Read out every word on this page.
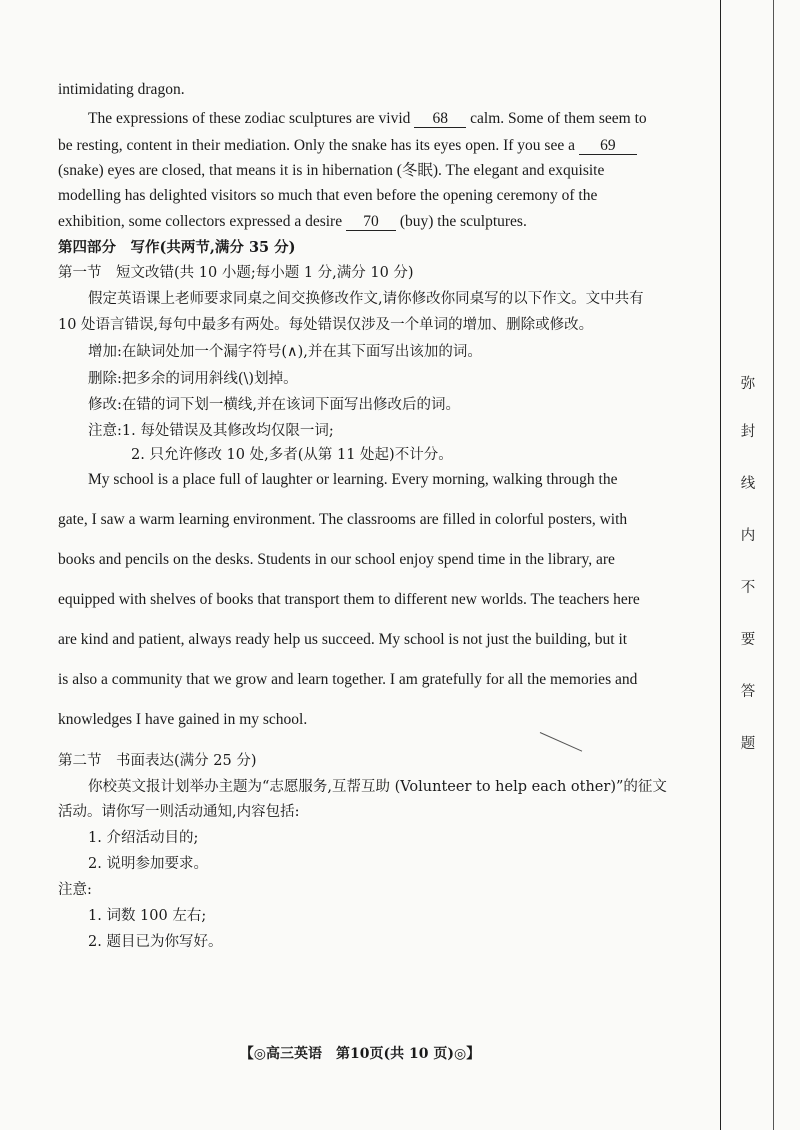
intimidating dragon.
The expressions of these zodiac sculptures are vivid 68 calm. Some of them seem to
be resting, content in their mediation. Only the snake has its eyes open. If you see a 69
(snake) eyes are closed, that means it is in hibernation (冬眠). The elegant and exquisite
modelling has delighted visitors so much that even before the opening ceremony of the
exhibition, some collectors expressed a desire 70 (buy) the sculptures.
第四部分　写作(共两节,满分 35 分)
第一节　短文改错(共 10 小题;每小题 1 分,满分 10 分)
假定英语课上老师要求同桌之间交换修改作文,请你修改你同桌写的以下作文。文中共有
10 处语言错误,每句中最多有两处。每处错误仅涉及一个单词的增加、删除或修改。
增加:在缺词处加一个漏字符号(∧),并在其下面写出该加的词。
删除:把多余的词用斜线(\)划掉。
修改:在错的词下划一横线,并在该词下面写出修改后的词。
注意:1. 每处错误及其修改均仅限一词;
2. 只允许修改 10 处,多者(从第 11 处起)不计分。
My school is a place full of laughter or learning. Every morning, walking through the
gate, I saw a warm learning environment. The classrooms are filled in colorful posters, with
books and pencils on the desks. Students in our school enjoy spend time in the library, are
equipped with shelves of books that transport them to different new worlds. The teachers here
are kind and patient, always ready help us succeed. My school is not just the building, but it
is also a community that we grow and learn together. I am gratefully for all the memories and
knowledges I have gained in my school.
第二节　书面表达(满分 25 分)
你校英文报计划举办主题为“志愿服务,互帮互助 (Volunteer to help each other)”的征文
活动。请你写一则活动通知,内容包括:
1. 介绍活动目的;
2. 说明参加要求。
注意:
1. 词数 100 左右;
2. 题目已为你写好。
【◎高三英语　第10页(共 10 页)◎】
弥
封
线
内
不
要
答
题
